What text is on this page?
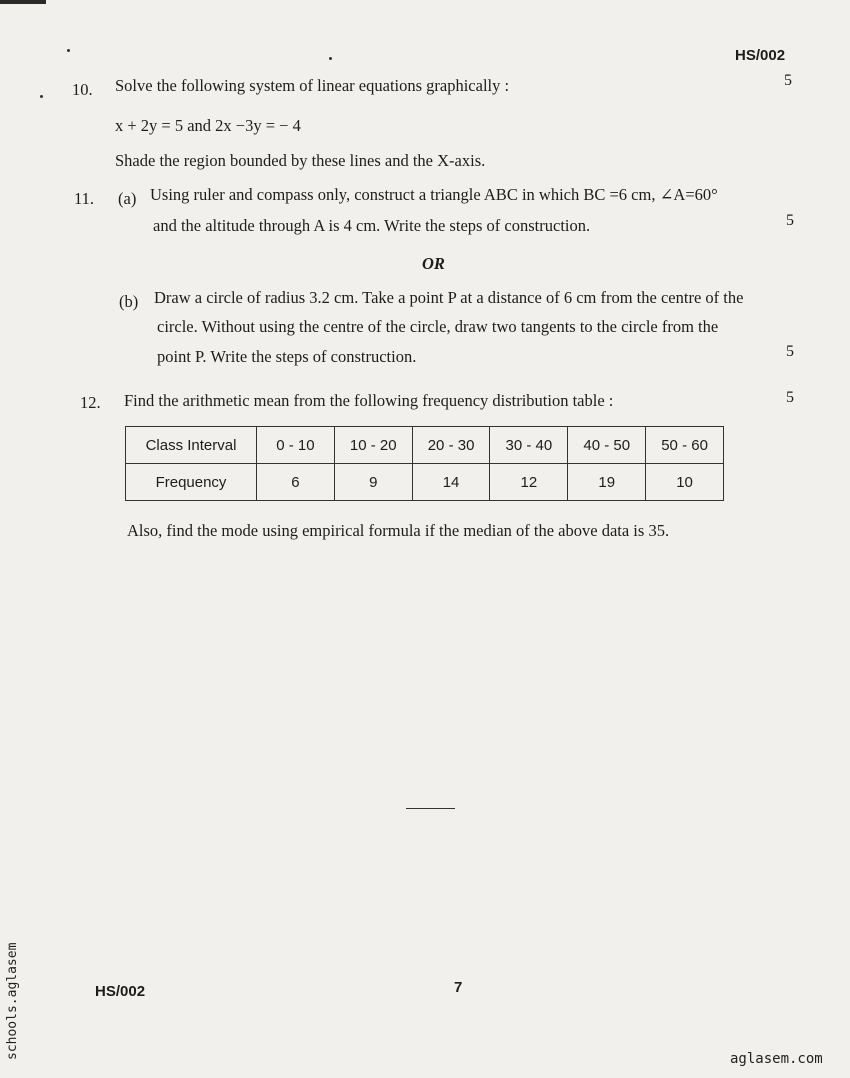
HS/002
10. Solve the following system of linear equations graphically :	5
x + 2y = 5 and 2x −3y = − 4
Shade the region bounded by these lines and the X-axis.
11. (a) Using ruler and compass only, construct a triangle ABC in which BC =6 cm, ∠A=60°
and the altitude through A is 4 cm. Write the steps of construction.	5
OR
(b) Draw a circle of radius 3.2 cm. Take a point P at a distance of 6 cm from the centre of the
circle. Without using the centre of the circle, draw two tangents to the circle from the
point P. Write the steps of construction.	5
12. Find the arithmetic mean from the following frequency distribution table :	5
Class Interval	0 - 10	10 - 20	20 - 30	30 - 40	40 - 50	50 - 60
Frequency	6	9	14	12	19	10
Also, find the mode using empirical formula if the median of the above data is 35.
HS/002	7
aglasem.com
schools.aglasem
